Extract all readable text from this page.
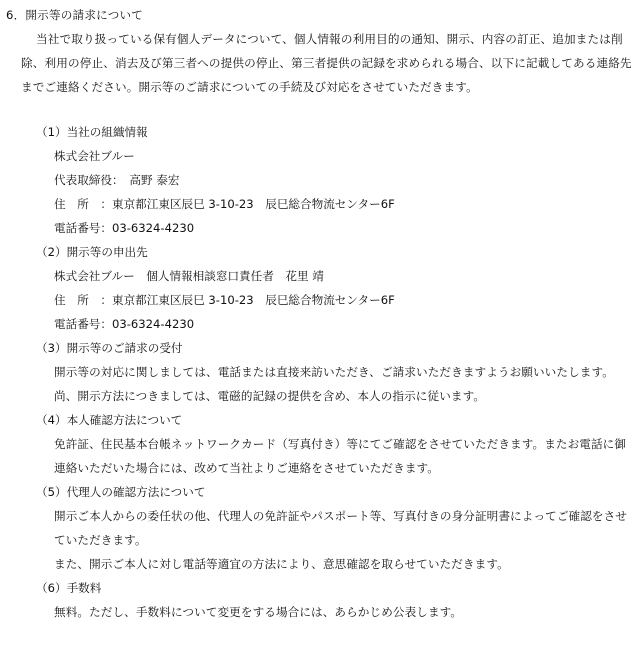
6．開示等の請求について
当社で取り扱っている保有個人データについて、個人情報の利用目的の通知、開示、内容の訂正、追加または削除、利用の停止、消去及び第三者への提供の停止、第三者提供の記録を求められる場合、以下に記載してある連絡先までご連絡ください。開示等のご請求についての手続及び対応をさせていただきます。
（1）当社の組織情報
株式会社ブルー
代表取締役：　高野 泰宏
住　所　：東京都江東区辰巳 3-10-23　辰巳総合物流センター6F
電話番号：03-6324-4230
（2）開示等の申出先
株式会社ブルー　個人情報相談窓口責任者　花里 靖
住　所　：東京都江東区辰巳 3-10-23　辰巳総合物流センター6F
電話番号：03-6324-4230
（3）開示等のご請求の受付
開示等の対応に関しましては、電話または直接来訪いただき、ご請求いただきますようお願いいたします。尚、開示方法につきましては、電磁的記録の提供を含め、本人の指示に従います。
（4）本人確認方法について
免許証、住民基本台帳ネットワークカード（写真付き）等にてご確認をさせていただきます。またお電話に御連絡いただいた場合には、改めて当社よりご連絡をさせていただきます。
（5）代理人の確認方法について
開示ご本人からの委任状の他、代理人の免許証やパスポート等、写真付きの身分証明書によってご確認をさせていただきます。
また、開示ご本人に対し電話等適宜の方法により、意思確認を取らせていただきます。
（6）手数料
無料。ただし、手数料について変更をする場合には、あらかじめ公表します。
